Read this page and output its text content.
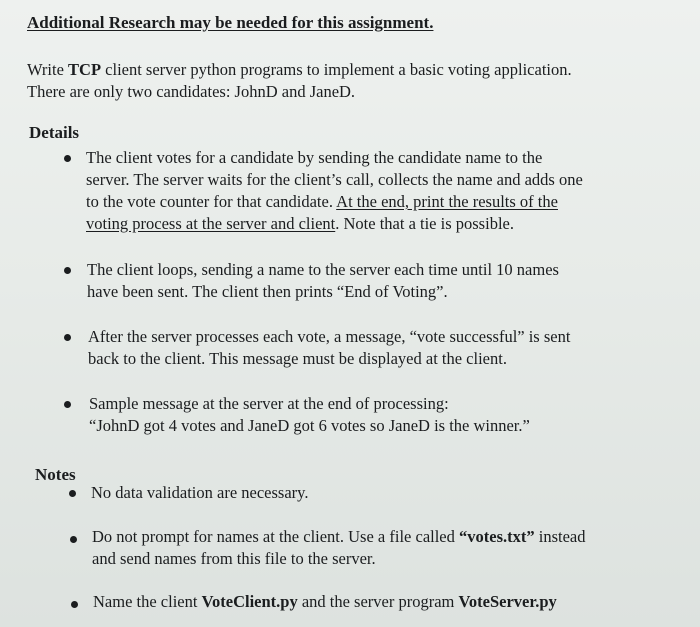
Additional Research may be needed for this assignment.
Write TCP client server python programs to implement a basic voting application.
There are only two candidates: JohnD and JaneD.
Details
The client votes for a candidate by sending the candidate name to the
server. The server waits for the client’s call, collects the name and adds one
to the vote counter for that candidate. At the end, print the results of the
voting process at the server and client. Note that a tie is possible.
The client loops, sending a name to the server each time until 10 names
have been sent. The client then prints “End of Voting”.
After the server processes each vote, a message, “vote successful” is sent
back to the client. This message must be displayed at the client.
Sample message at the server at the end of processing:
“JohnD got 4 votes and JaneD got 6 votes so JaneD is the winner.”
Notes
No data validation are necessary.
Do not prompt for names at the client. Use a file called “votes.txt” instead
and send names from this file to the server.
Name the client VoteClient.py and the server program VoteServer.py
